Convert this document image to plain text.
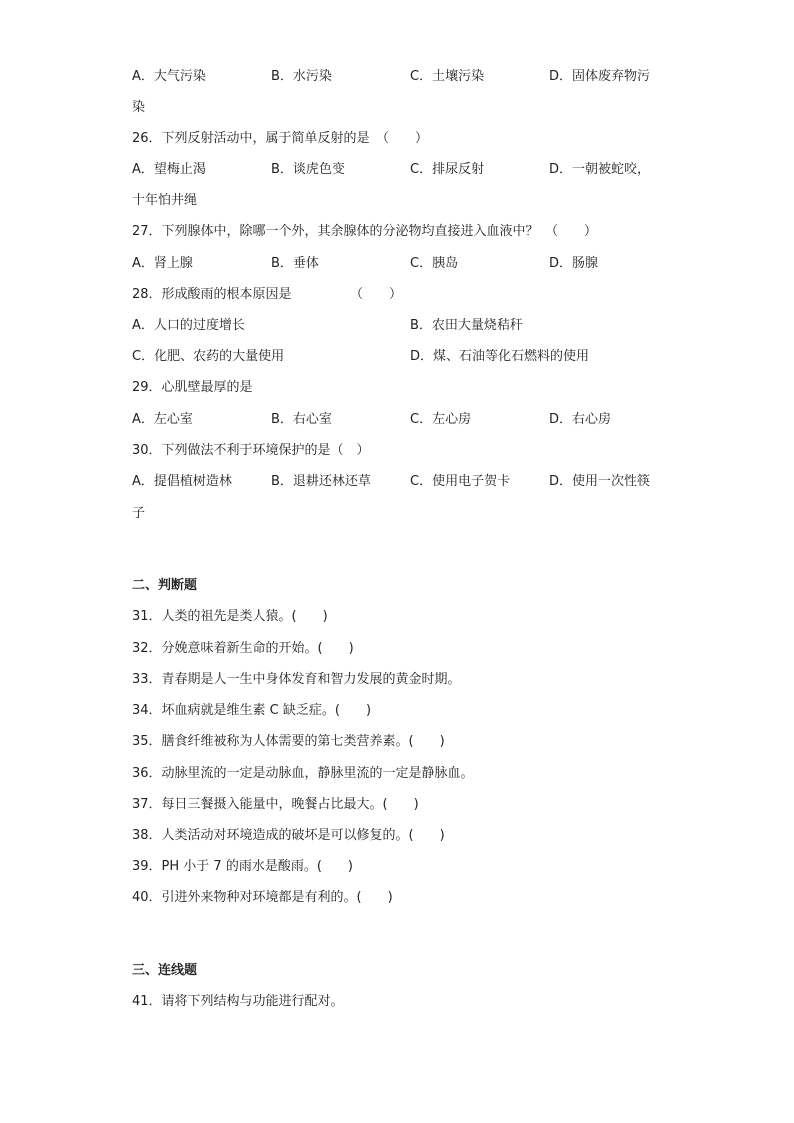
A．大气污染	B．水污染	C．土壤污染	D．固体废弃物污
染
26．下列反射活动中，属于简单反射的是　（　　）
A．望梅止渴	B．谈虎色变	C．排尿反射	D．一朝被蛇咬，
十年怕井绳
27．下列腺体中，除哪一个外，其余腺体的分泌物均直接进入血液中？　（　　）
A．肾上腺	B．垂体	C．胰岛	D．肠腺
28．形成酸雨的根本原因是　　　　　（　　）
A．人口的过度增长	B．农田大量烧秸秆
C．化肥、农药的大量使用	D．煤、石油等化石燃料的使用
29．心肌壁最厚的是
A．左心室	B．右心室	C．左心房	D．右心房
30．下列做法不利于环境保护的是（　）
A．提倡植树造林	B．退耕还林还草	C．使用电子贺卡	D．使用一次性筷
子
二、判断题
31．人类的祖先是类人猿。(　　)
32．分娩意味着新生命的开始。(　　)
33．青春期是人一生中身体发育和智力发展的黄金时期。
34．坏血病就是维生素 C 缺乏症。(　　)
35．膳食纤维被称为人体需要的第七类营养素。(　　)
36．动脉里流的一定是动脉血，静脉里流的一定是静脉血。
37．每日三餐摄入能量中，晚餐占比最大。(　　)
38．人类活动对环境造成的破坏是可以修复的。(　　)
39．PH 小于 7 的雨水是酸雨。(　　)
40．引进外来物种对环境都是有利的。(　　)
三、连线题
41．请将下列结构与功能进行配对。
